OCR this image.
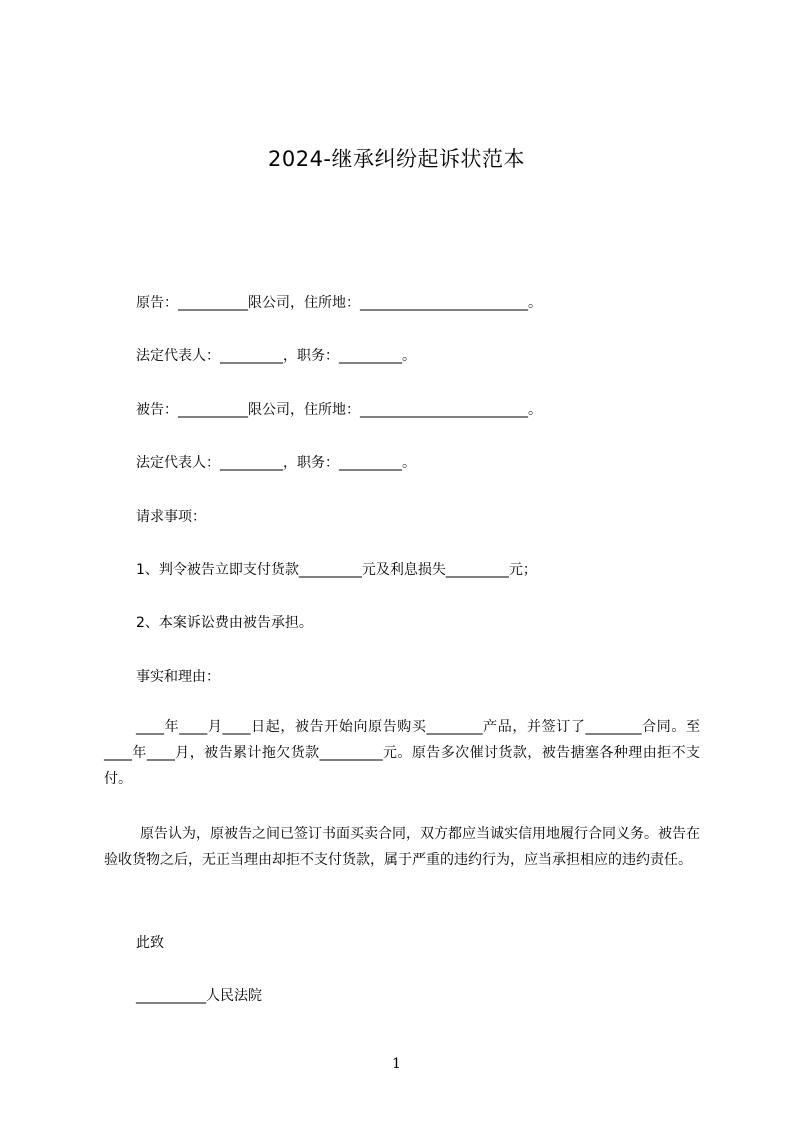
2024-继承纠纷起诉状范本
原告：__________限公司，住所地：________________________。
法定代表人：_________，职务：_________。
被告：__________限公司，住所地：________________________。
法定代表人：_________，职务：_________。
请求事项：
1、判令被告立即支付货款_________元及利息损失_________元；
2、本案诉讼费由被告承担。
事实和理由：

____年____月____日起，被告开始向原告购买________产品，并签订了________合同。至____年____月，被告累计拖欠货款_________元。原告多次催讨货款，被告搪塞各种理由拒不支付。

原告认为，原被告之间已签订书面买卖合同，双方都应当诚实信用地履行合同义务。被告在验收货物之后，无正当理由却拒不支付货款，属于严重的违约行为，应当承担相应的违约责任。

此致
__________人民法院
1
